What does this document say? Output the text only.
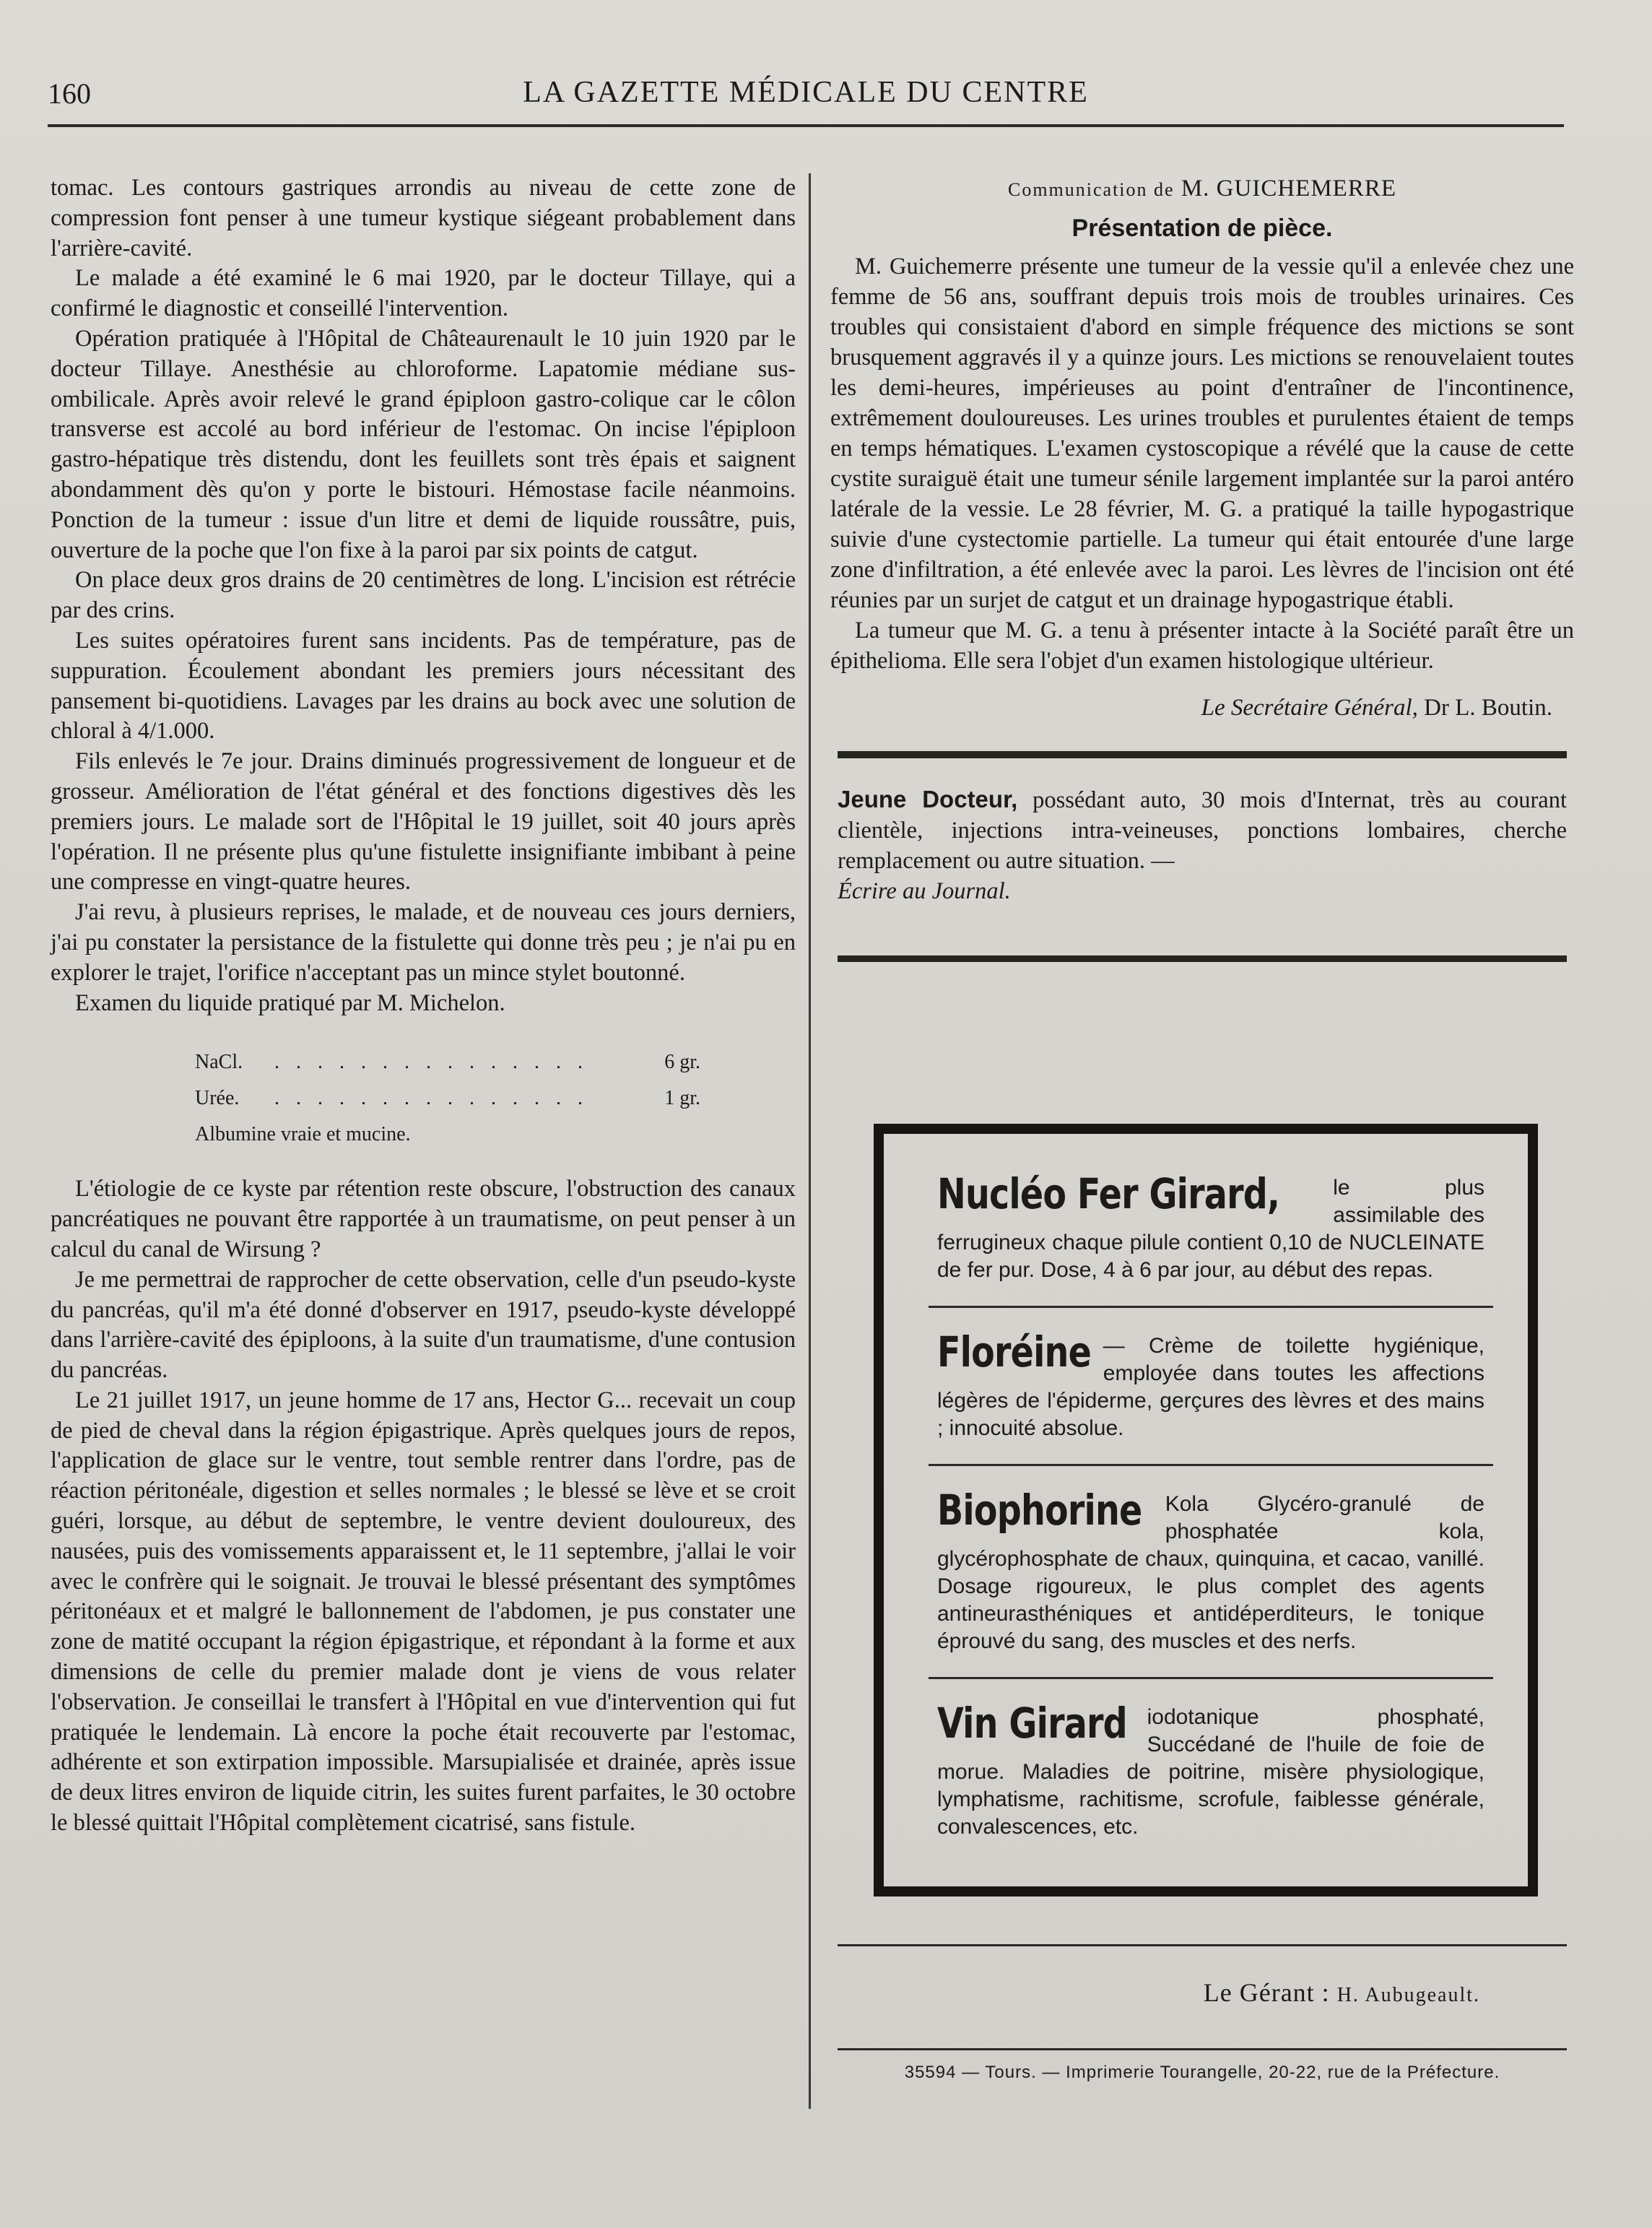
160	LA GAZETTE MÉDICALE DU CENTRE

tomac. Les contours gastriques arrondis au niveau de cette zone de compression font penser à une tumeur kystique siégeant probablement dans l'arrière-cavité.

Le malade a été examiné le 6 mai 1920, par le docteur Tillaye, qui a confirmé le diagnostic et conseillé l'intervention.

Opération pratiquée à l'Hôpital de Châteaurenault le 10 juin 1920 par le docteur Tillaye. Anesthésie au chloroforme. Lapatomie médiane sus-ombilicale. Après avoir relevé le grand épiploon gastro-colique car le côlon transverse est accolé au bord inférieur de l'estomac. On incise l'épiploon gastro-hépatique très distendu, dont les feuillets sont très épais et saignent abondamment dès qu'on y porte le bistouri. Hémostase facile néanmoins. Ponction de la tumeur : issue d'un litre et demi de liquide roussâtre, puis, ouverture de la poche que l'on fixe à la paroi par six points de catgut.

On place deux gros drains de 20 centimètres de long. L'incision est rétrécie par des crins.

Les suites opératoires furent sans incidents. Pas de température, pas de suppuration. Écoulement abondant les premiers jours nécessitant des pansement bi-quotidiens. Lavages par les drains au bock avec une solution de chloral à 4/1.000.

Fils enlevés le 7e jour. Drains diminués progressivement de longueur et de grosseur. Amélioration de l'état général et des fonctions digestives dès les premiers jours. Le malade sort de l'Hôpital le 19 juillet, soit 40 jours après l'opération. Il ne présente plus qu'une fistulette insignifiante imbibant à peine une compresse en vingt-quatre heures.

J'ai revu, à plusieurs reprises, le malade, et de nouveau ces jours derniers, j'ai pu constater la persistance de la fistulette qui donne très peu ; je n'ai pu en explorer le trajet, l'orifice n'acceptant pas un mince stylet boutonné.

Examen du liquide pratiqué par M. Michelon.

NaCl.	. . . . . . . . . . . . . . .	6 gr.
Urée.	. . . . . . . . . . . . . . .	1 gr.
Albumine vraie et mucine.

L'étiologie de ce kyste par rétention reste obscure, l'obstruction des canaux pancréatiques ne pouvant être rapportée à un traumatisme, on peut penser à un calcul du canal de Wirsung ?

Je me permettrai de rapprocher de cette observation, celle d'un pseudo-kyste du pancréas, qu'il m'a été donné d'observer en 1917, pseudo-kyste développé dans l'arrière-cavité des épiploons, à la suite d'un traumatisme, d'une contusion du pancréas.

Le 21 juillet 1917, un jeune homme de 17 ans, Hector G... recevait un coup de pied de cheval dans la région épigastrique. Après quelques jours de repos, l'application de glace sur le ventre, tout semble rentrer dans l'ordre, pas de réaction péritonéale, digestion et selles normales ; le blessé se lève et se croit guéri, lorsque, au début de septembre, le ventre devient douloureux, des nausées, puis des vomissements apparaissent et, le 11 septembre, j'allai le voir avec le confrère qui le soignait. Je trouvai le blessé présentant des symptômes péritonéaux et et malgré le ballonnement de l'abdomen, je pus constater une zone de matité occupant la région épigastrique, et répondant à la forme et aux dimensions de celle du premier malade dont je viens de vous relater l'observation. Je conseillai le transfert à l'Hôpital en vue d'intervention qui fut pratiquée le lendemain. Là encore la poche était recouverte par l'estomac, adhérente et son extirpation impossible. Marsupialisée et drainée, après issue de deux litres environ de liquide citrin, les suites furent parfaites, le 30 octobre le blessé quittait l'Hôpital complètement cicatrisé, sans fistule.

Communication de M. GUICHEMERRE
Présentation de pièce.

M. Guichemerre présente une tumeur de la vessie qu'il a enlevée chez une femme de 56 ans, souffrant depuis trois mois de troubles urinaires. Ces troubles qui consistaient d'abord en simple fréquence des mictions se sont brusquement aggravés il y a quinze jours. Les mictions se renouvelaient toutes les demi-heures, impérieuses au point d'entraîner de l'incontinence, extrêmement douloureuses. Les urines troubles et purulentes étaient de temps en temps hématiques. L'examen cystoscopique a révélé que la cause de cette cystite suraiguë était une tumeur sénile largement implantée sur la paroi antéro latérale de la vessie. Le 28 février, M. G. a pratiqué la taille hypogastrique suivie d'une cystectomie partielle. La tumeur qui était entourée d'une large zone d'infiltration, a été enlevée avec la paroi. Les lèvres de l'incision ont été réunies par un surjet de catgut et un drainage hypogastrique établi.

La tumeur que M. G. a tenu à présenter intacte à la Société paraît être un épithelioma. Elle sera l'objet d'un examen histologique ultérieur.

Le Secrétaire Général, Dr L. Boutin.
Jeune Docteur, possédant auto, 30 mois d'Internat, très au courant clientèle, injections intra-veineuses, ponctions lombaires, cherche remplacement ou autre situation. —
Écrire au Journal.
Nucléo Fer Girard, le plus assimilable des ferrugineux chaque pilule contient 0,10 de NUCLEINATE de fer pur. Dose, 4 à 6 par jour, au début des repas.
Floréine — Crème de toilette hygiénique, employée dans toutes les affections légères de l'épiderme, gerçures des lèvres et des mains ; innocuité absolue.
Biophorine Kola Glycéro-granulé de phosphatée kola, glycérophosphate de chaux, quinquina, et cacao, vanillé. Dosage rigoureux, le plus complet des agents antineurasthéniques et antidéperditeurs, le tonique éprouvé du sang, des muscles et des nerfs.
Vin Girard iodotanique phosphaté, Succédané de l'huile de foie de morue. Maladies de poitrine, misère physiologique, lymphatisme, rachitisme, scrofule, faiblesse générale, convalescences, etc.
Le Gérant : H. Aubugeault.
35594 — Tours. — Imprimerie Tourangelle, 20-22, rue de la Préfecture.
